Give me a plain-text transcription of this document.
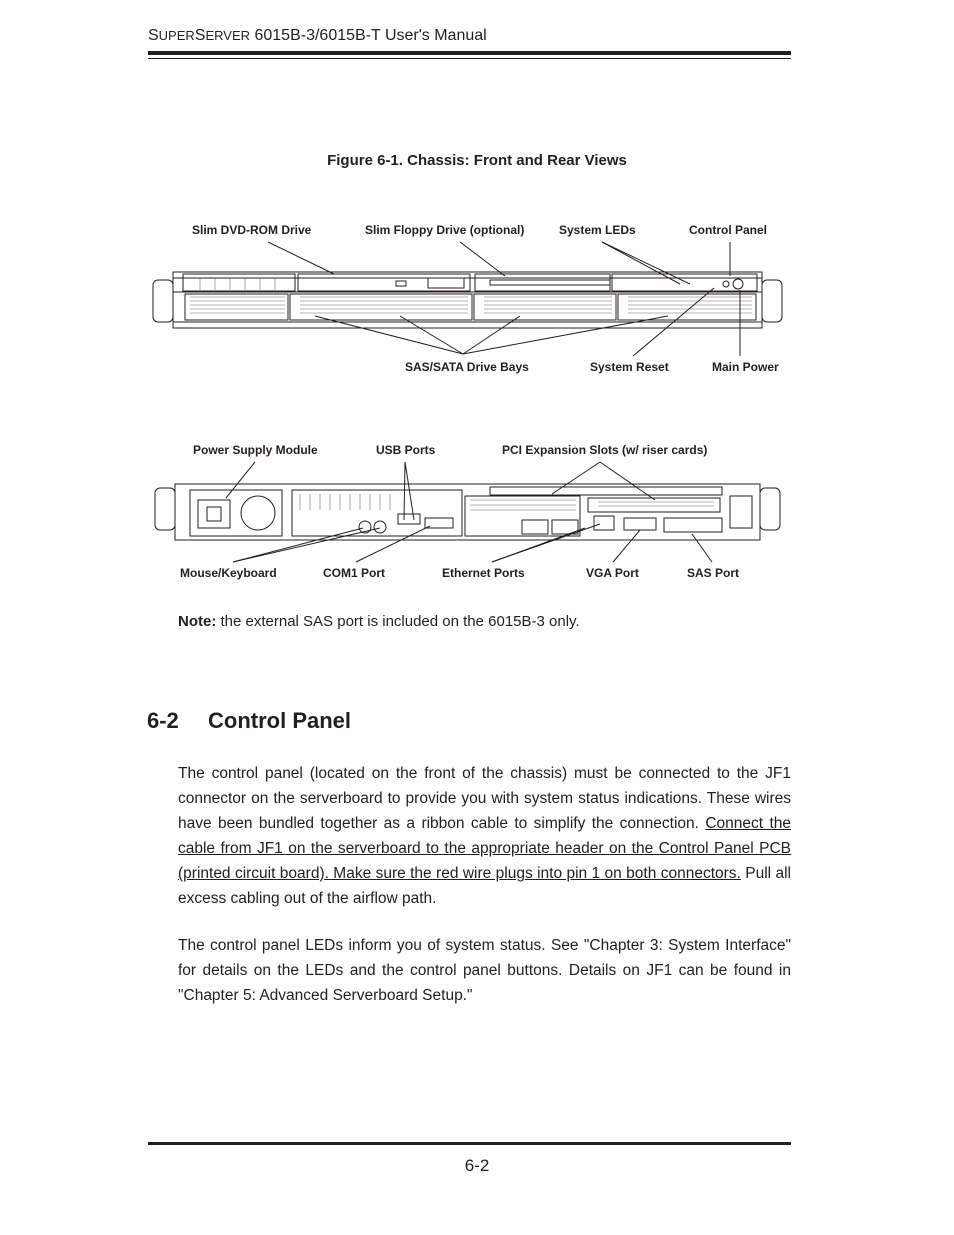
SUPERSERVER 6015B-3/6015B-T User's Manual
Figure 6-1. Chassis: Front and Rear Views
Slim DVD-ROM Drive	Slim Floppy Drive (optional)	System LEDs	Control Panel
SAS/SATA Drive Bays	System Reset	Main Power
Power Supply Module	USB Ports	PCI Expansion Slots (w/ riser cards)
Mouse/Keyboard	COM1 Port	Ethernet Ports	VGA Port	SAS Port
Note: the external SAS port is included on the 6015B-3 only.
6-2 Control Panel
The control panel (located on the front of the chassis) must be connected to the JF1 connector on the serverboard to provide you with system status indications. These wires have been bundled together as a ribbon cable to simplify the connection. Connect the cable from JF1 on the serverboard to the appropriate header on the Control Panel PCB (printed circuit board). Make sure the red wire plugs into pin 1 on both connectors. Pull all excess cabling out of the airflow path.
The control panel LEDs inform you of system status. See "Chapter 3: System Interface" for details on the LEDs and the control panel buttons. Details on JF1 can be found in "Chapter 5: Advanced Serverboard Setup."
6-2
